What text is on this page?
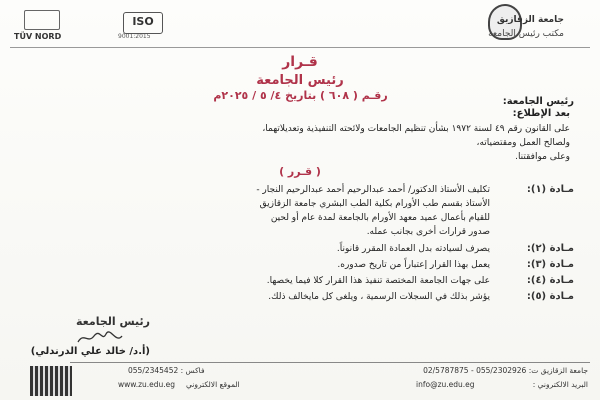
جامعة الزقازيق
مكتب رئيس الجامعة
ISO
9001:2015
TÜV NORD
قـرار
رئيس الجامعة
رقـم ( ٦٠٨ ) بتاريخ ٤/ ٥ / ٢٠٢٥م	رئيس الجامعة:
بعد الإطلاع:
على القانون رقم ٤٩ لسنة ١٩٧٢ بشأن تنظيم الجامعات ولائحته التنفيذية وتعديلاتهما،
ولصالح العمل ومقتضياته،
وعلى موافقتنا.
( قـرر )
مـادة (١):
تكليف الأستاذ الدكتور/ أحمد عبدالرحيم أحمد عبدالرحيم النجار -
الأستاذ بقسم طب الأورام بكلية الطب البشري جامعة الزقازيق
للقيام بأعمال عميد معهد الأورام بالجامعة لمدة عام أو لحين
صدور قرارات أخرى بجانب عمله.
مـادة (٢):
يصرف لسيادته بدل العمادة المقرر قانوناً.
مـادة (٣):
يعمل بهذا القرار إعتباراً من تاريخ صدوره.
مـادة (٤):
على جهات الجامعة المختصة تنفيذ هذا القرار كلا فيما يخصها.
مـادة (٥):
يؤشر بذلك في السجلات الرسمية ، ويلغى كل مايخالف ذلك.
رئيس الجامعة
(أ.د/ خالد علي الدرندلي)
جامعة الزقازيق ت: 055/2302926 - 02/5787875
فاكس : 055/2345452
البريد الالكتروني :
info@zu.edu.eg
الموقع الالكتروني
www.zu.edu.eg
